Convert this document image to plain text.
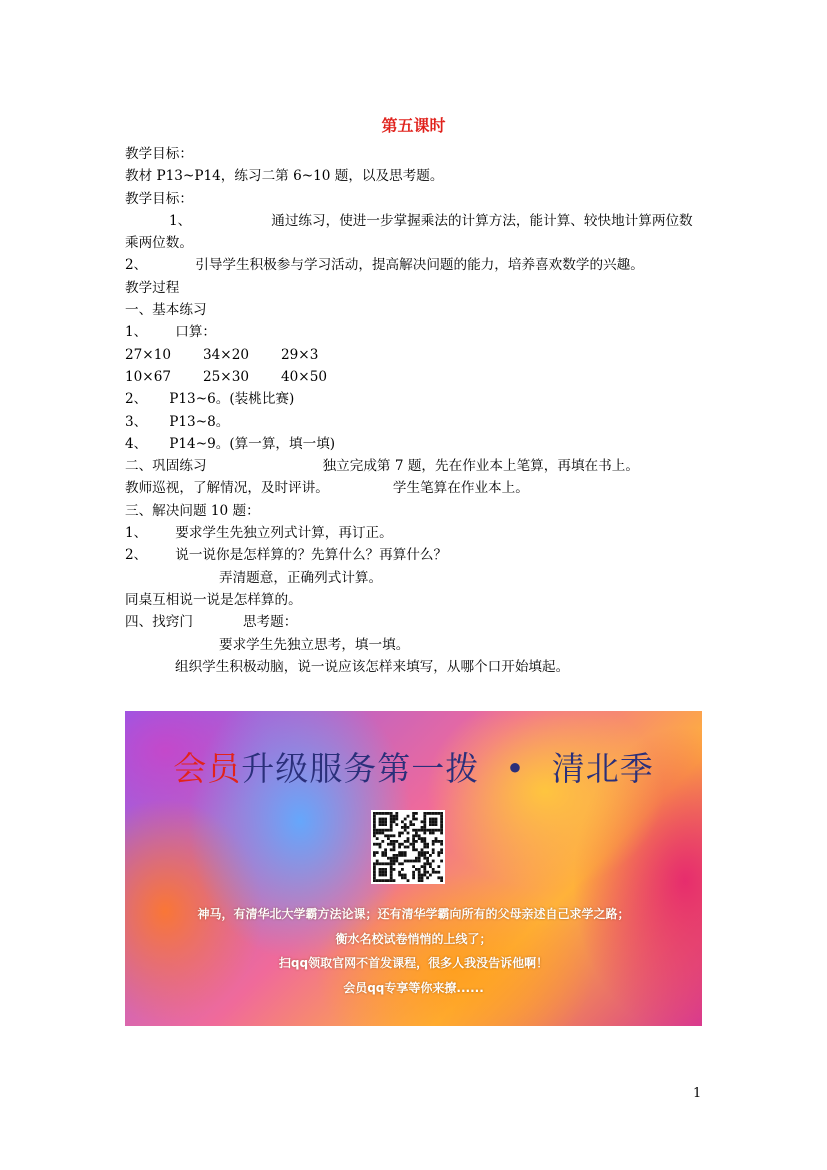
第五课时
教学目标：
教材 P13~P14，练习二第 6~10 题，以及思考题。
教学目标：
1、	通过练习，使进一步掌握乘法的计算方法，能计算、较快地计算两位数
乘两位数。
2、	引导学生积极参与学习活动，提高解决问题的能力，培养喜欢数学的兴趣。
教学过程
一、基本练习
1、 口算：
27×10 34×20 29×3
10×67 25×30 40×50
2、 P13~6。(装桃比赛)
3、 P13~8。
4、 P14~9。(算一算，填一填)
二、巩固练习	独立完成第 7 题，先在作业本上笔算，再填在书上。
教师巡视，了解情况，及时评讲。	学生笔算在作业本上。
三、解决问题 10 题：
1、 要求学生先独立列式计算，再订正。
2、 说一说你是怎样算的？先算什么？再算什么？
弄清题意，正确列式计算。
同桌互相说一说是怎样算的。
四、找窍门	思考题：
要求学生先独立思考，填一填。
组织学生积极动脑，说一说应该怎样来填写，从哪个口开始填起。
会员升级服务第一拨 • 清北季
神马，有清华北大学霸方法论课；还有清华学霸向所有的父母亲述自己求学之路；
衡水名校试卷悄悄的上线了；
扫qq领取官网不首发课程，很多人我没告诉他啊！
会员qq专享等你来撩......
1
